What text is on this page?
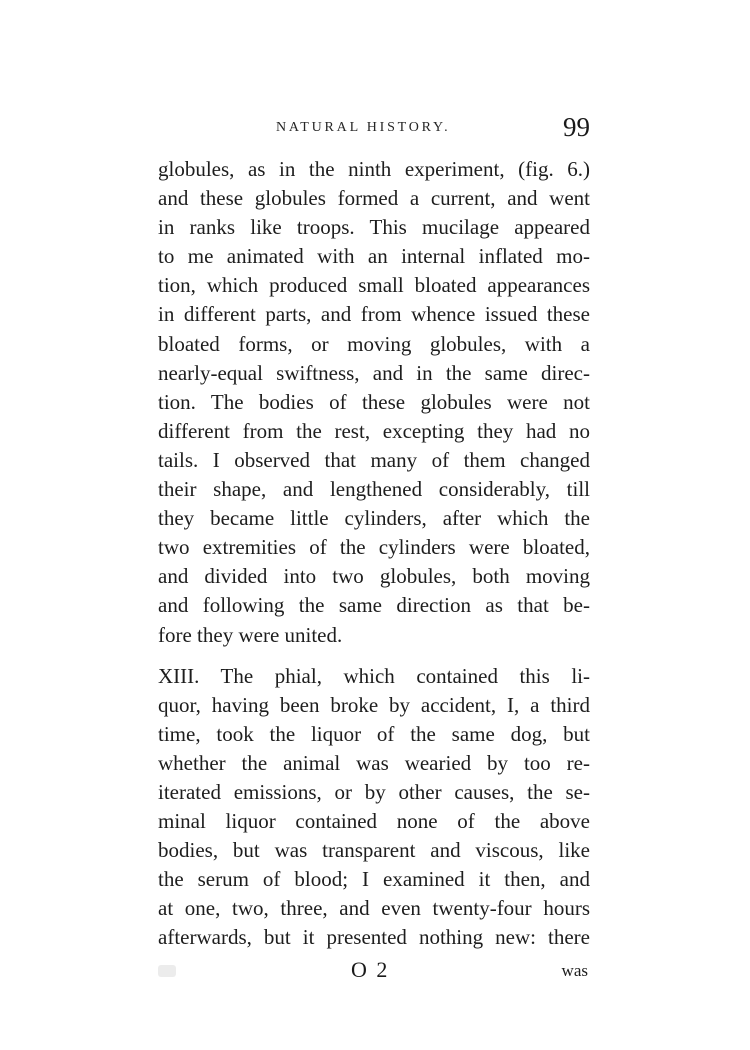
NATURAL HISTORY.	99
globules, as in the ninth experiment, (fig. 6.)
and these globules formed a current, and went
in ranks like troops. This mucilage appeared
to me animated with an internal inflated mo-
tion, which produced small bloated appearances
in different parts, and from whence issued these
bloated forms, or moving globules, with a
nearly-equal swiftness, and in the same direc-
tion. The bodies of these globules were not
different from the rest, excepting they had no
tails. I observed that many of them changed
their shape, and lengthened considerably, till
they became little cylinders, after which the
two extremities of the cylinders were bloated,
and divided into two globules, both moving
and following the same direction as that be-
fore they were united.
XIII. The phial, which contained this li-
quor, having been broke by accident, I, a third
time, took the liquor of the same dog, but
whether the animal was wearied by too re-
iterated emissions, or by other causes, the se-
minal liquor contained none of the above
bodies, but was transparent and viscous, like
the serum of blood; I examined it then, and
at one, two, three, and even twenty-four hours
afterwards, but it presented nothing new: there
O 2	was
